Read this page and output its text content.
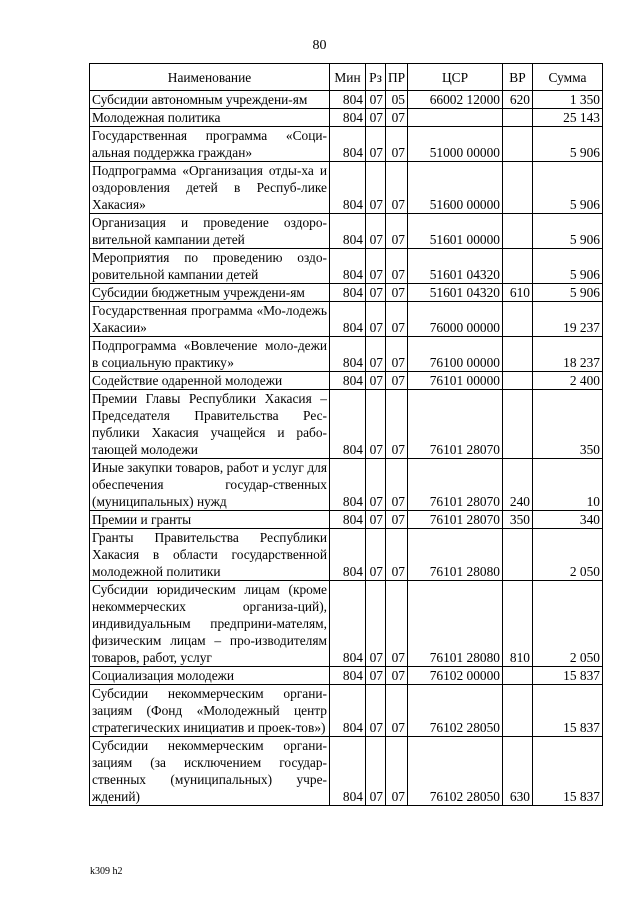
80
Наименование	Мин	Рз	ПР	ЦСР	ВР	Сумма
Субсидии автономным учреждени-ям	804	07	05	66002 12000	620	1 350
Молодежная политика	804	07	07			25 143
Государственная программа «Соци-альная поддержка граждан»	804	07	07	51000 00000		5 906
Подпрограмма «Организация отды-ха и оздоровления детей в Респуб-лике Хакасия»	804	07	07	51600 00000		5 906
Организация и проведение оздоро-вительной кампании детей	804	07	07	51601 00000		5 906
Мероприятия по проведению оздо-ровительной кампании детей	804	07	07	51601 04320		5 906
Субсидии бюджетным учреждени-ям	804	07	07	51601 04320	610	5 906
Государственная программа «Мо-лодежь Хакасии»	804	07	07	76000 00000		19 237
Подпрограмма «Вовлечение моло-дежи в социальную практику»	804	07	07	76100 00000		18 237
Содействие одаренной молодежи	804	07	07	76101 00000		2 400
Премии Главы Республики Хакасия – Председателя Правительства Рес-публики Хакасия учащейся и рабо-тающей молодежи	804	07	07	76101 28070		350
Иные закупки товаров, работ и услуг для обеспечения государ-ственных (муниципальных) нужд	804	07	07	76101 28070	240	10
Премии и гранты	804	07	07	76101 28070	350	340
Гранты Правительства Республики Хакасия в области государственной молодежной политики	804	07	07	76101 28080		2 050
Субсидии юридическим лицам (кроме некоммерческих организа-ций), индивидуальным предприни-мателям, физическим лицам – про-изводителям товаров, работ, услуг	804	07	07	76101 28080	810	2 050
Социализация молодежи	804	07	07	76102 00000		15 837
Субсидии некоммерческим органи-зациям (Фонд «Молодежный центр стратегических инициатив и проек-тов»)	804	07	07	76102 28050		15 837
Субсидии некоммерческим органи-зациям (за исключением государ-ственных (муниципальных) учре-ждений)	804	07	07	76102 28050	630	15 837
k309 h2
